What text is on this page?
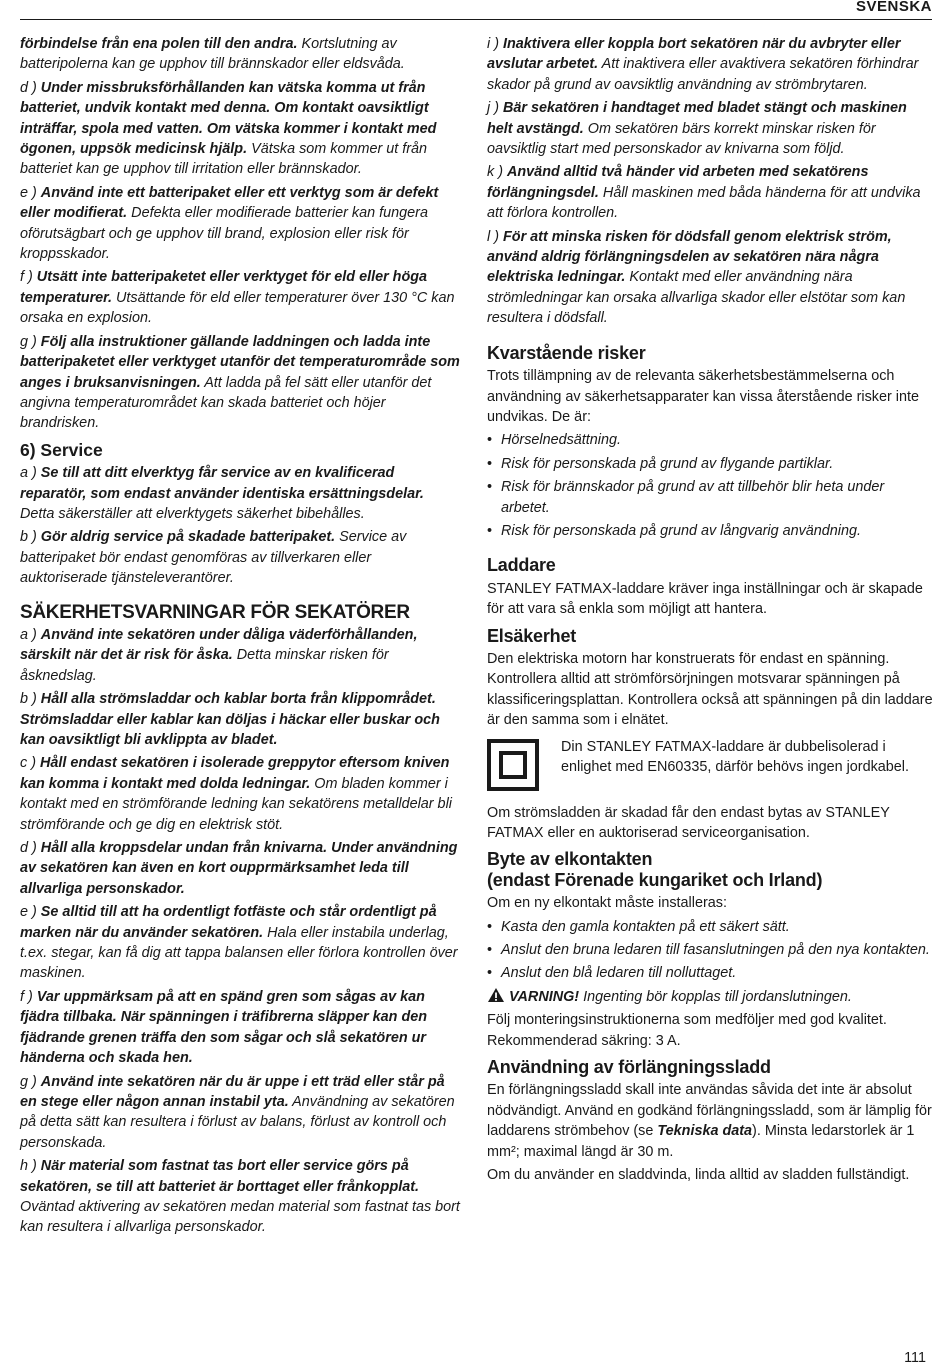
SVENSKA

förbindelse från ena polen till den andra. Kortslutning av batteripolerna kan ge upphov till brännskador eller eldsvåda.

d ) Under missbruksförhållanden kan vätska komma ut från batteriet, undvik kontakt med denna. Om kontakt oavsiktligt inträffar, spola med vatten. Om vätska kommer i kontakt med ögonen, uppsök medicinsk hjälp. Vätska som kommer ut från batteriet kan ge upphov till irritation eller brännskador.

e ) Använd inte ett batteripaket eller ett verktyg som är defekt eller modifierat. Defekta eller modifierade batterier kan fungera oförutsägbart och ge upphov till brand, explosion eller risk för kroppsskador.

f ) Utsätt inte batteripaketet eller verktyget för eld eller höga temperaturer. Utsättande för eld eller temperaturer över 130 °C kan orsaka en explosion.

g ) Följ alla instruktioner gällande laddningen och ladda inte batteripaketet eller verktyget utanför det temperaturområde som anges i bruksanvisningen. Att ladda på fel sätt eller utanför det angivna temperaturområdet kan skada batteriet och höjer brandrisken.

6) Service

a ) Se till att ditt elverktyg får service av en kvalificerad reparatör, som endast använder identiska ersättningsdelar. Detta säkerställer att elverktygets säkerhet bibehålles.

b ) Gör aldrig service på skadade batteripaket. Service av batteripaket bör endast genomföras av tillverkaren eller auktoriserade tjänsteleverantörer.

SÄKERHETSVARNINGAR FÖR SEKATÖRER

a ) Använd inte sekatören under dåliga väderförhållanden, särskilt när det är risk för åska. Detta minskar risken för åsknedslag.

b ) Håll alla strömsladdar och kablar borta från klippområdet. Strömsladdar eller kablar kan döljas i häckar eller buskar och kan oavsiktligt bli avklippta av bladet.

c ) Håll endast sekatören i isolerade greppytor eftersom kniven kan komma i kontakt med dolda ledningar. Om bladen kommer i kontakt med en strömförande ledning kan sekatörens metalldelar bli strömförande och ge dig en elektrisk stöt.

d ) Håll alla kroppsdelar undan från knivarna. Under användning av sekatören kan även en kort oupprmärksamhet leda till allvarliga personskador.

e ) Se alltid till att ha ordentligt fotfäste och står ordentligt på marken när du använder sekatören. Hala eller instabila underlag, t.ex. stegar, kan få dig att tappa balansen eller förlora kontrollen över maskinen.

f ) Var uppmärksam på att en spänd gren som sågas av kan fjädra tillbaka. När spänningen i träfibrerna släpper kan den fjädrande grenen träffa den som sågar och slå sekatören ur händerna och skada hen.

g ) Använd inte sekatören när du är uppe i ett träd eller står på en stege eller någon annan instabil yta. Användning av sekatören på detta sätt kan resultera i förlust av balans, förlust av kontroll och personskada.

h ) När material som fastnat tas bort eller service görs på sekatören, se till att batteriet är borttaget eller frånkopplat. Oväntad aktivering av sekatören medan material som fastnat tas bort kan resultera i allvarliga personskador.

i ) Inaktivera eller koppla bort sekatören när du avbryter eller avslutar arbetet. Att inaktivera eller avaktivera sekatören förhindrar skador på grund av oavsiktlig användning av strömbrytaren.

j ) Bär sekatören i handtaget med bladet stängt och maskinen helt avstängd. Om sekatören bärs korrekt minskar risken för oavsiktlig start med personskador av knivarna som följd.

k ) Använd alltid två händer vid arbeten med sekatörens förlängningsdel. Håll maskinen med båda händerna för att undvika att förlora kontrollen.

l ) För att minska risken för dödsfall genom elektrisk ström, använd aldrig förlängningsdelen av sekatören nära några elektriska ledningar. Kontakt med eller användning nära strömledningar kan orsaka allvarliga skador eller elstötar som kan resultera i dödsfall.

Kvarstående risker

Trots tillämpning av de relevanta säkerhetsbestämmelserna och användning av säkerhetsapparater kan vissa återstående risker inte undvikas. De är:

• Hörselnedsättning.
• Risk för personskada på grund av flygande partiklar.
• Risk för brännskador på grund av att tillbehör blir heta under arbetet.
• Risk för personskada på grund av långvarig användning.
Laddare

STANLEY FATMAX-laddare kräver inga inställningar och är skapade för att vara så enkla som möjligt att hantera.

Elsäkerhet

Den elektriska motorn har konstruerats för endast en spänning. Kontrollera alltid att strömförsörjningen motsvarar spänningen på klassificeringsplattan. Kontrollera också att spänningen på din laddare är den samma som i elnätet.

Din STANLEY FATMAX-laddare är dubbelisolerad i enlighet med EN60335, därför behövs ingen jordkabel.

Om strömsladden är skadad får den endast bytas av STANLEY FATMAX eller en auktoriserad serviceorganisation.

Byte av elkontakten
(endast Förenade kungariket och Irland)

Om en ny elkontakt måste installeras:

• Kasta den gamla kontakten på ett säkert sätt.
• Anslut den bruna ledaren till fasanslutningen på den nya kontakten.
• Anslut den blå ledaren till nolluttaget.

VARNING! Ingenting bör kopplas till jordanslutningen.

Följ monteringsinstruktionerna som medföljer med god kvalitet. Rekommenderad säkring: 3 A.

Användning av förlängningssladd

En förlängningssladd skall inte användas såvida det inte är absolut nödvändigt. Använd en godkänd förlängningssladd, som är lämplig för laddarens strömbehov (se Tekniska data). Minsta ledarstorlek är 1 mm²; maximal längd är 30 m.

Om du använder en sladdvinda, linda alltid av sladden fullständigt.

111
